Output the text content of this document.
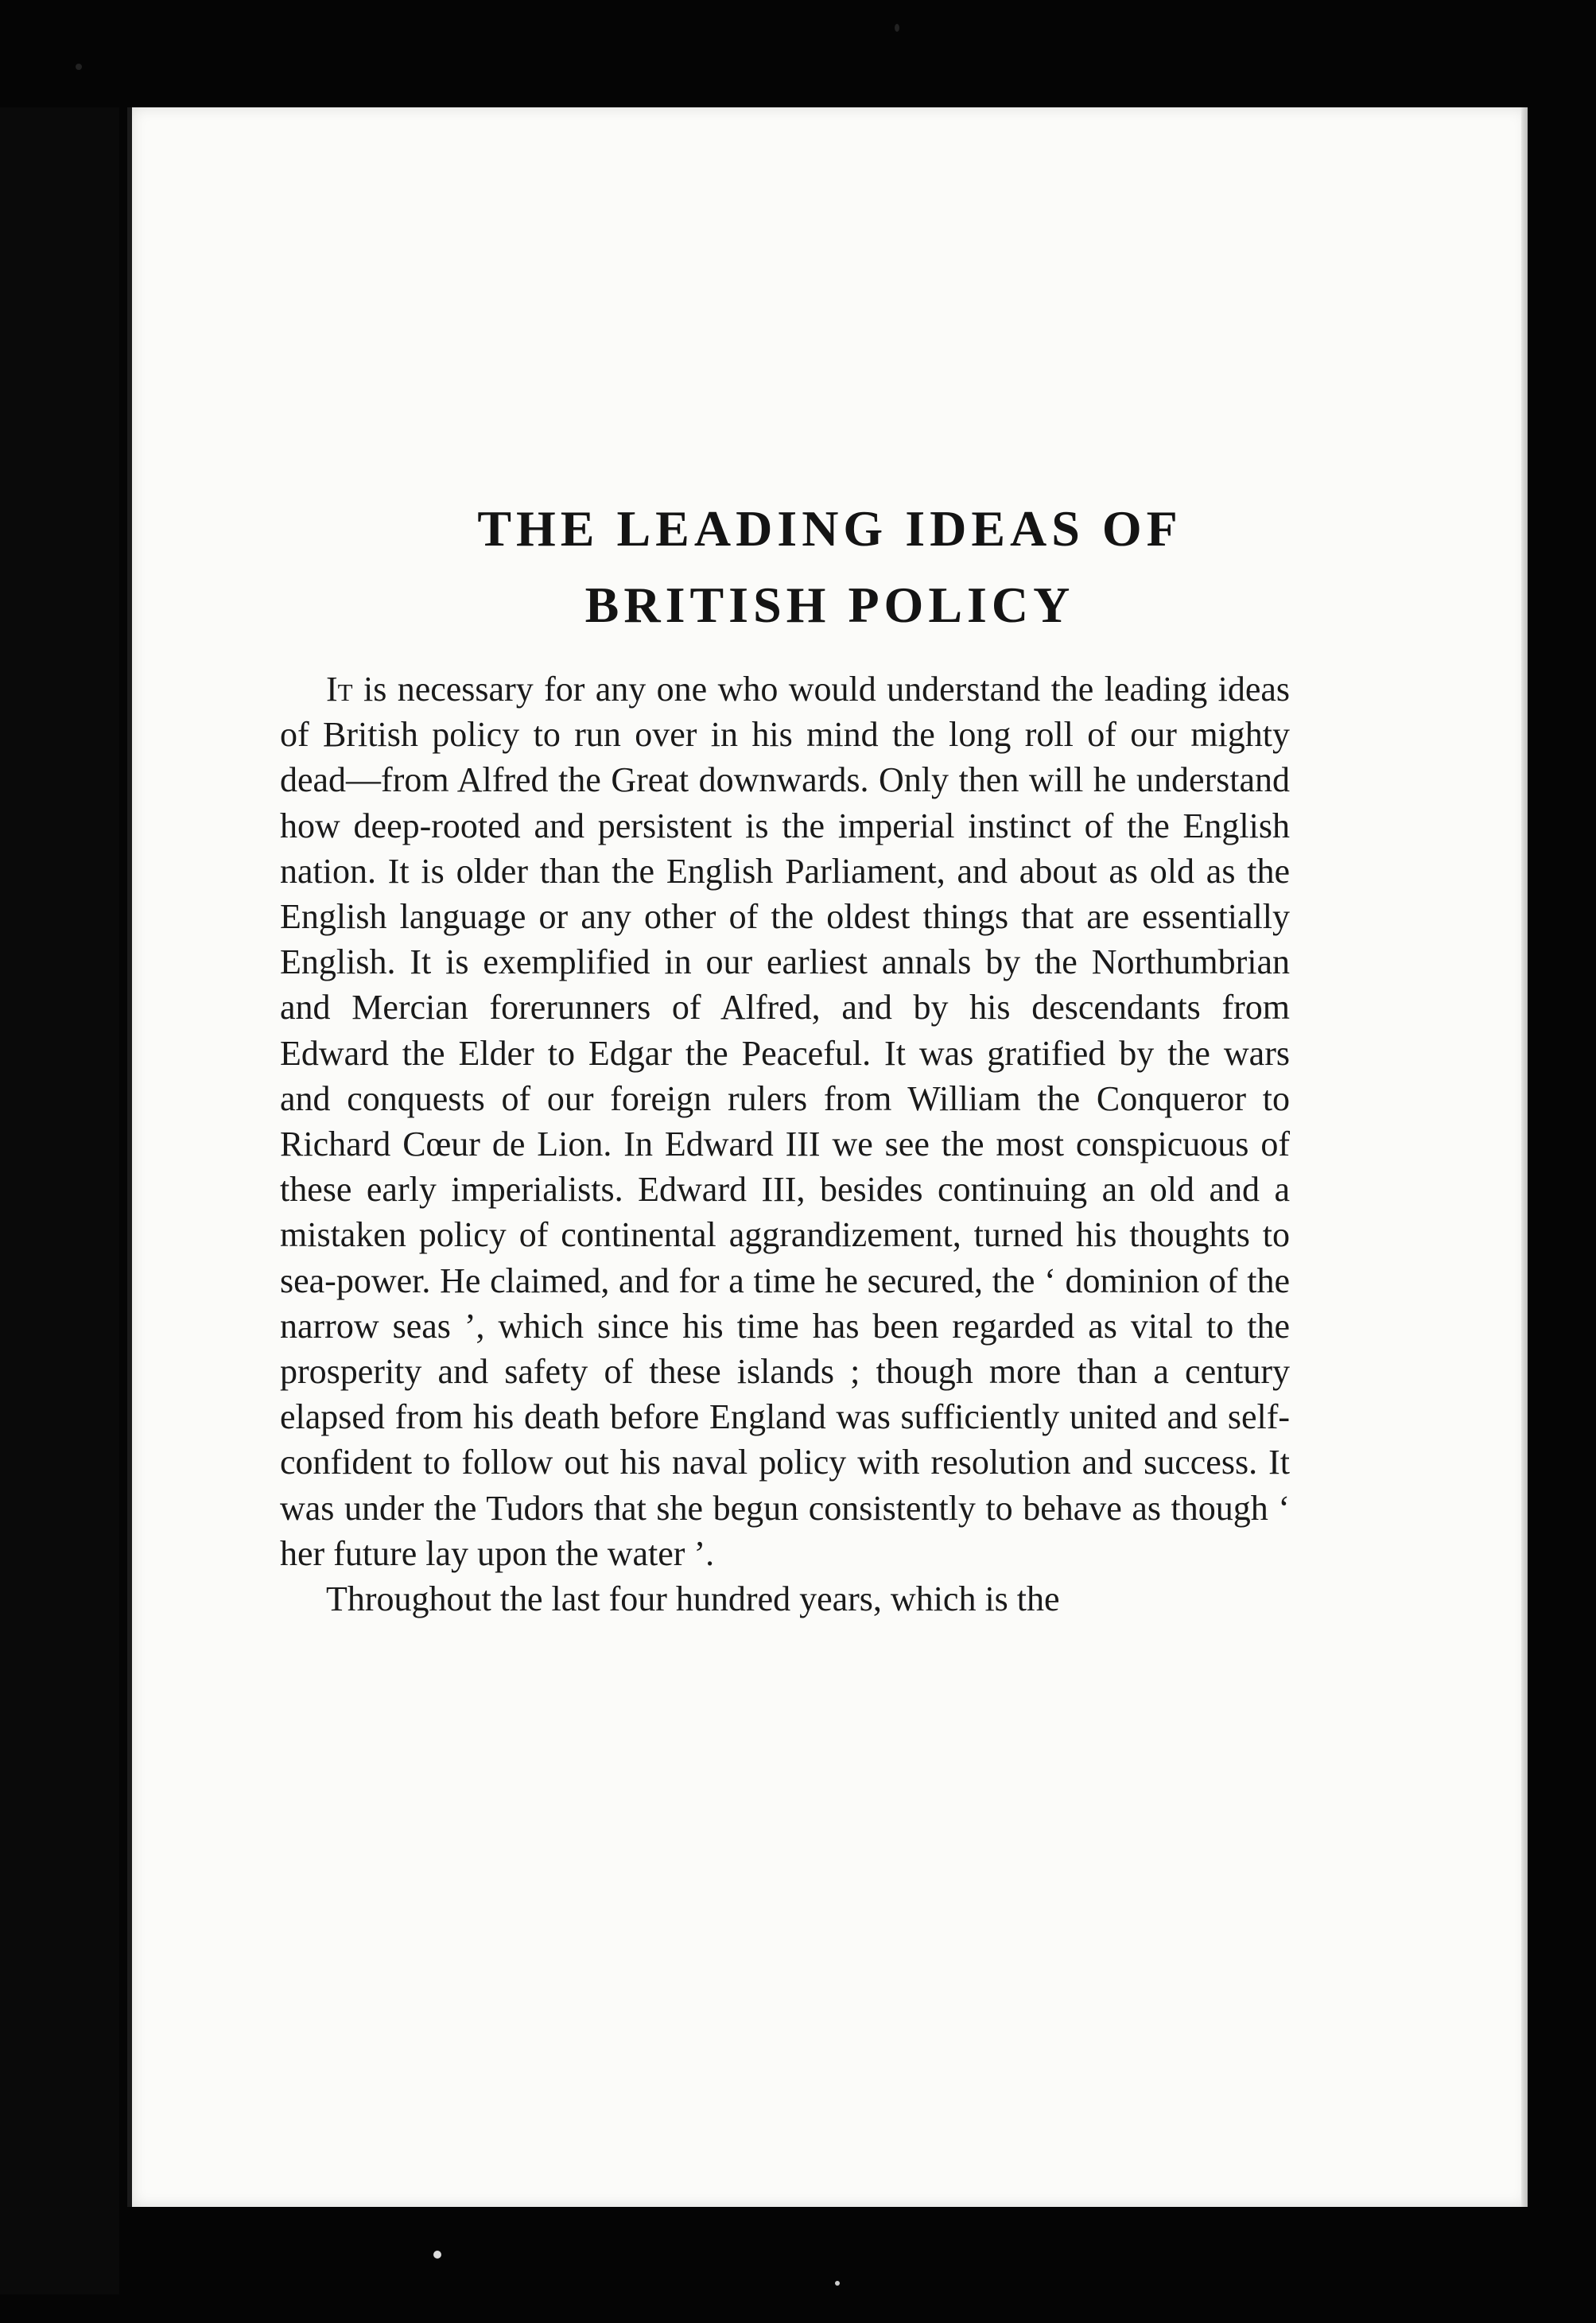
THE LEADING IDEAS OF
BRITISH POLICY

It is necessary for any one who would understand the leading ideas of British policy to run over in his mind the long roll of our mighty dead—from Alfred the Great downwards. Only then will he understand how deep-rooted and persistent is the imperial instinct of the English nation. It is older than the English Parliament, and about as old as the English language or any other of the oldest things that are essentially English. It is exemplified in our earliest annals by the Northumbrian and Mercian forerunners of Alfred, and by his descendants from Edward the Elder to Edgar the Peaceful. It was gratified by the wars and conquests of our foreign rulers from William the Conqueror to Richard Cœur de Lion. In Edward III we see the most conspicuous of these early imperialists. Edward III, besides continuing an old and a mistaken policy of continental aggrandizement, turned his thoughts to sea-power. He claimed, and for a time he secured, the ‘ dominion of the narrow seas ’, which since his time has been regarded as vital to the prosperity and safety of these islands ; though more than a century elapsed from his death before England was sufficiently united and self-confident to follow out his naval policy with resolution and success. It was under the Tudors that she begun consistently to behave as though ‘ her future lay upon the water ’.

Throughout the last four hundred years, which is the
